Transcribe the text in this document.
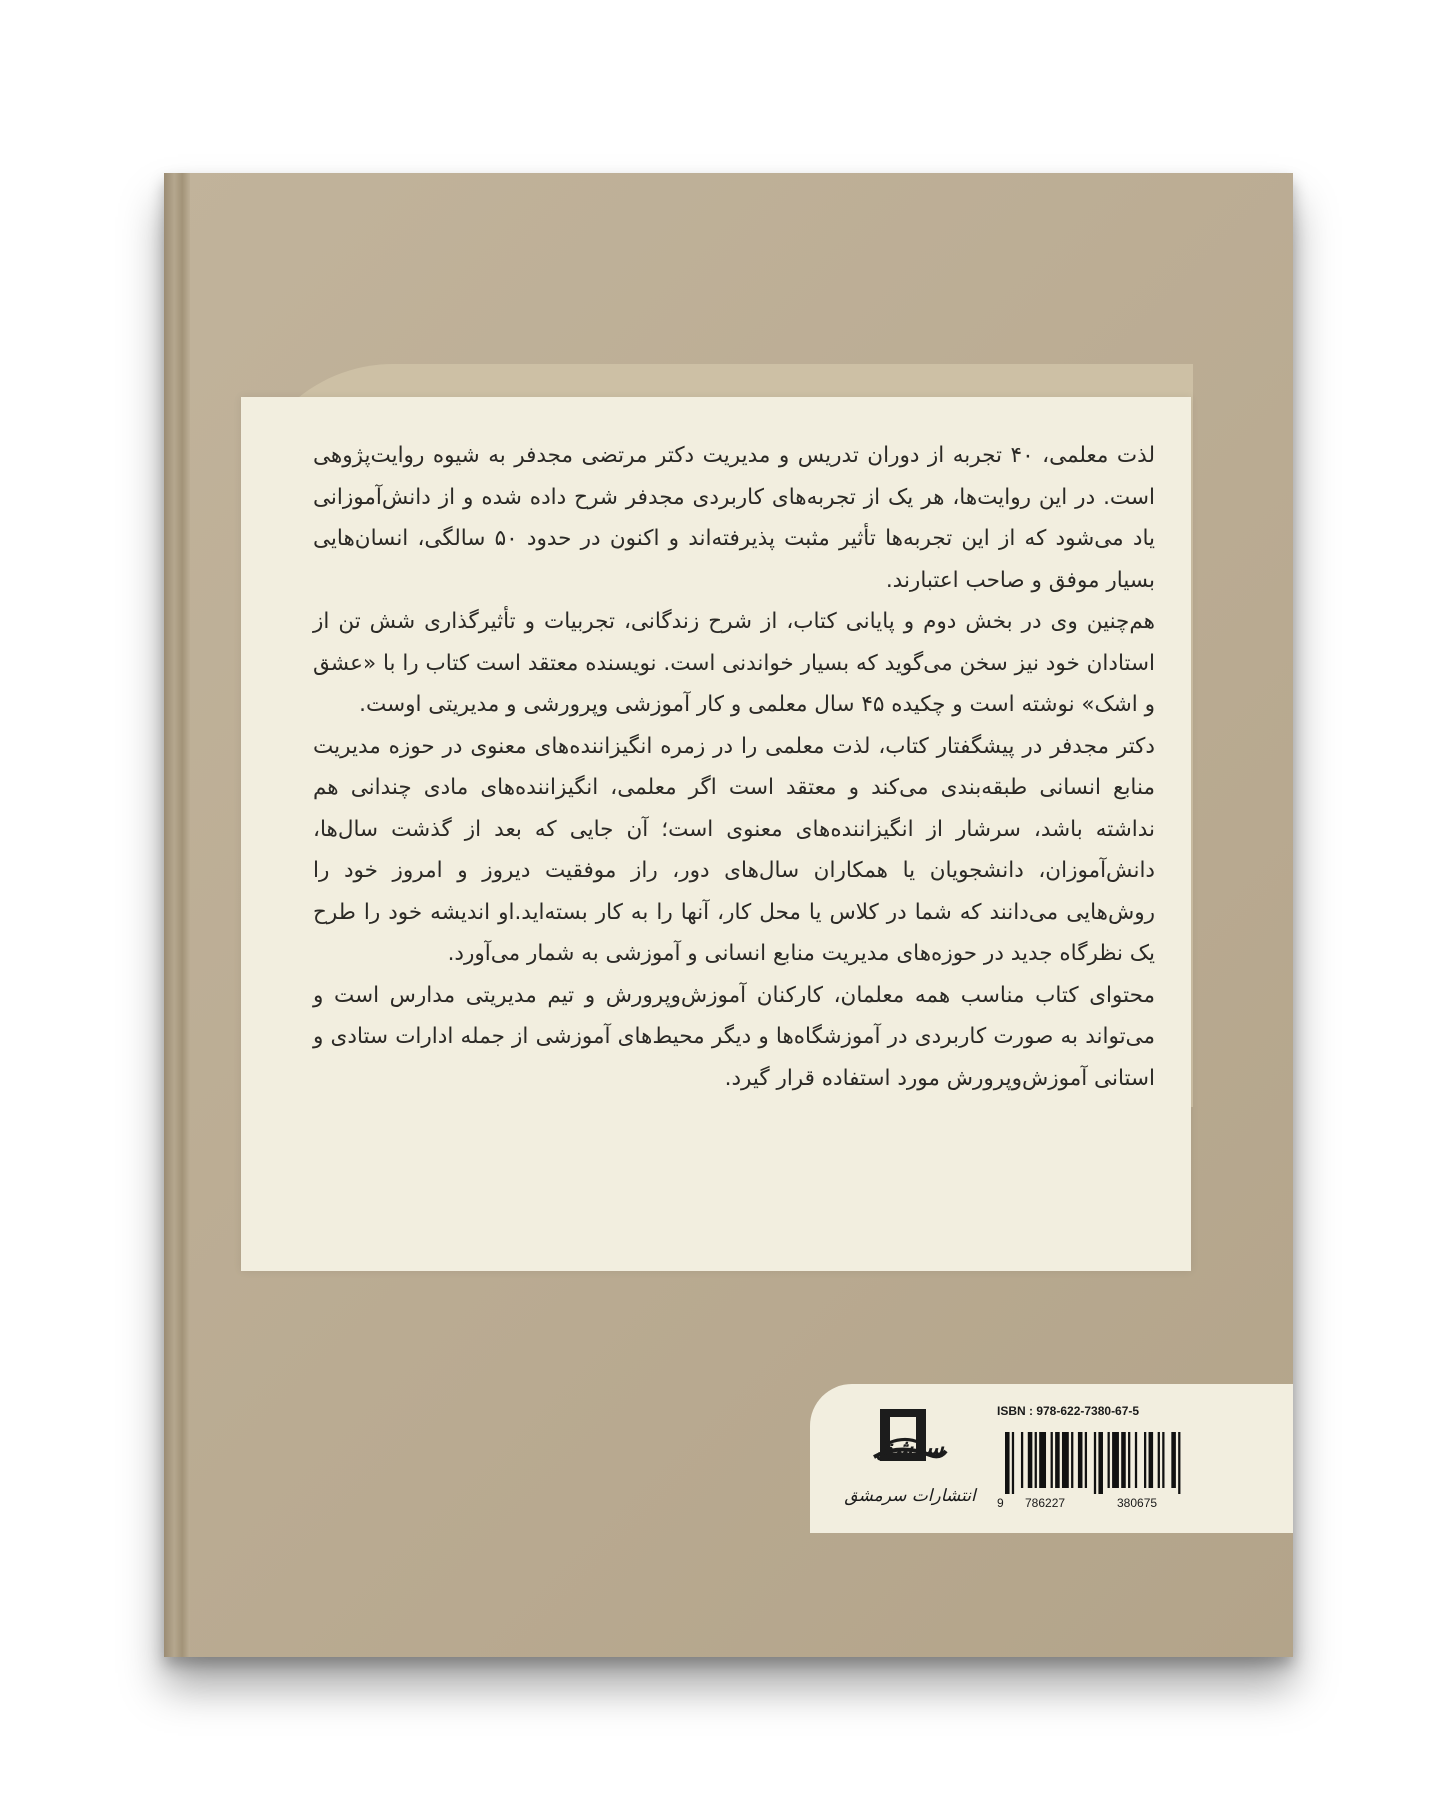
لذت معلمی، ۴۰ تجربه از دوران تدریس و مدیریت دکتر مرتضی مجدفر به شیوه روایت‌پژوهی است. در این روایت‌ها، هر یک از تجربه‌های کاربردی مجدفر شرح داده شده و از دانش‌آموزانی یاد می‌شود که از این تجربه‌ها تأثیر مثبت پذیرفته‌اند و اکنون در حدود ۵۰ سالگی، انسان‌هایی بسیار موفق و صاحب اعتبارند.

هم‌چنین وی در بخش دوم و پایانی کتاب، از شرح زندگانی، تجربیات و تأثیرگذاری شش تن از استادان خود نیز سخن می‌گوید که بسیار خواندنی است. نویسنده معتقد است کتاب را با «عشق و اشک» نوشته است و چکیده ۴۵ سال معلمی و کار آموزشی وپرورشی و مدیریتی اوست.

دکتر مجدفر در پیشگفتار کتاب، لذت معلمی را در زمره انگیزاننده‌های معنوی در حوزه مدیریت منابع انسانی طبقه‌بندی می‌کند و معتقد است اگر معلمی، انگیزاننده‌های مادی چندانی هم نداشته باشد، سرشار از انگیزاننده‌های معنوی است؛ آن جایی که بعد از گذشت سال‌ها، دانش‌آموزان، دانشجویان یا همکاران سال‌های دور، راز موفقیت دیروز و امروز خود را روش‌هایی می‌دانند که شما در کلاس یا محل کار، آنها را به کار بسته‌اید.او اندیشه خود را طرح یک نظرگاه جدید در حوزه‌های مدیریت منابع انسانی و آموزشی به شمار می‌آورد.

محتوای کتاب مناسب همه معلمان، کارکنان آموزش‌وپرورش و تیم مدیریتی مدارس است و می‌تواند به صورت کاربردی در آموزشگاه‌ها و دیگر محیط‌های آموزشی از جمله ادارات ستادی و استانی آموزش‌وپرورش مورد استفاده قرار گیرد.

سرشق
انتشارات سرمشق
ISBN : 978-622-7380-67-5
9 786227	380675
